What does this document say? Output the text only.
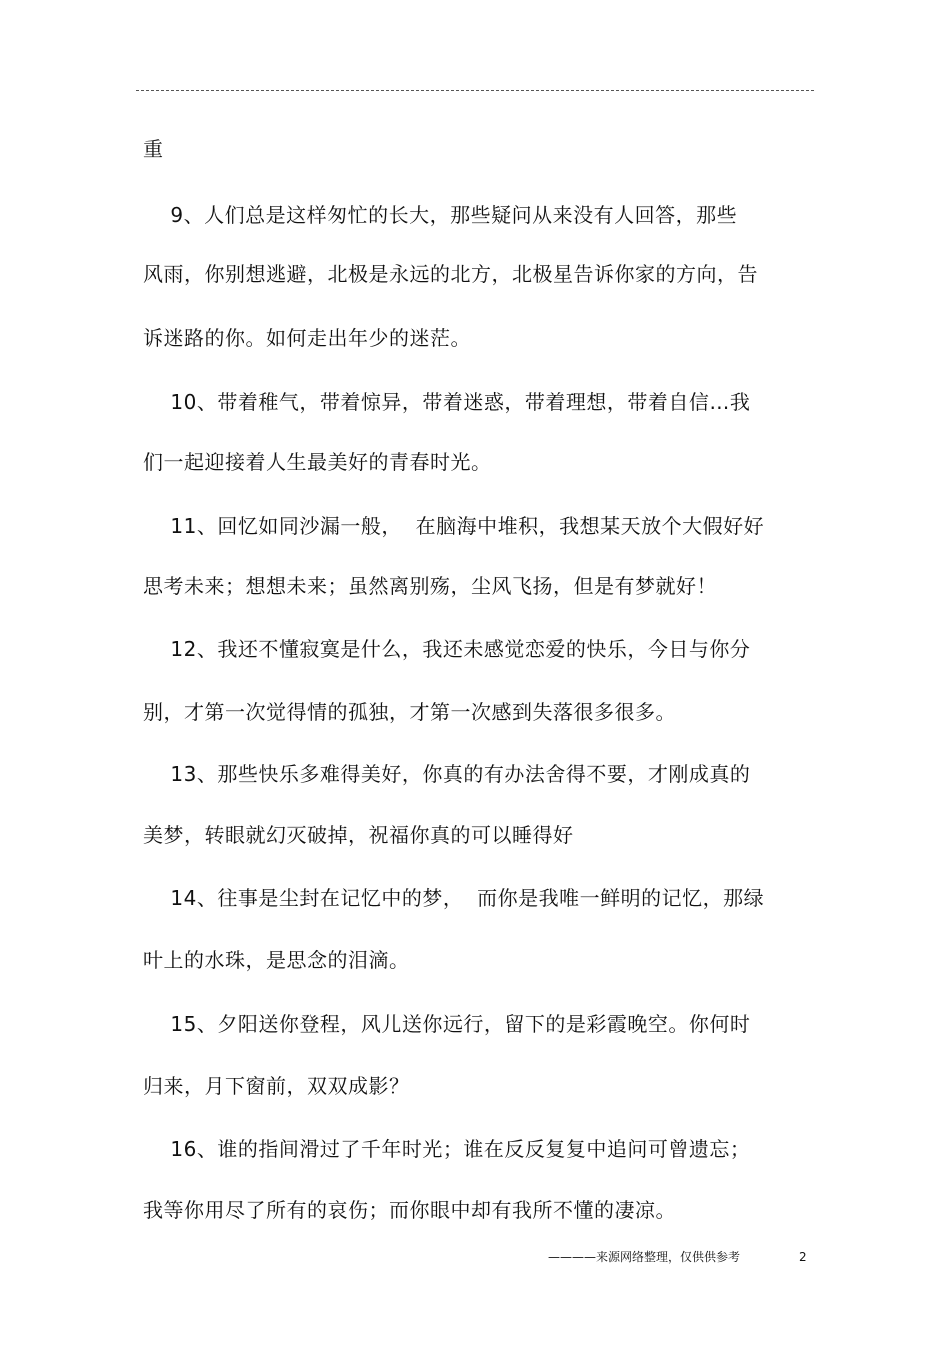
重
9、人们总是这样匆忙的长大，那些疑问从来没有人回答，那些
风雨，你别想逃避，北极是永远的北方，北极星告诉你家的方向，告
诉迷路的你。如何走出年少的迷茫。
10、带着稚气，带着惊异，带着迷惑，带着理想，带着自信…我
们一起迎接着人生最美好的青春时光。
11、回忆如同沙漏一般，  在脑海中堆积，我想某天放个大假好好
思考未来；想想未来；虽然离别殇，尘风飞扬，但是有梦就好！
12、我还不懂寂寞是什么，我还未感觉恋爱的快乐，今日与你分
别，才第一次觉得情的孤独，才第一次感到失落很多很多。
13、那些快乐多难得美好，你真的有办法舍得不要，才刚成真的
美梦，转眼就幻灭破掉，祝福你真的可以睡得好
14、往事是尘封在记忆中的梦，  而你是我唯一鲜明的记忆，那绿
叶上的水珠，是思念的泪滴。
15、夕阳送你登程，风儿送你远行，留下的是彩霞晚空。你何时
归来，月下窗前，双双成影？
16、谁的指间滑过了千年时光；谁在反反复复中追问可曾遗忘；
我等你用尽了所有的哀伤；而你眼中却有我所不懂的凄凉。
————来源网络整理，仅供供参考	2
